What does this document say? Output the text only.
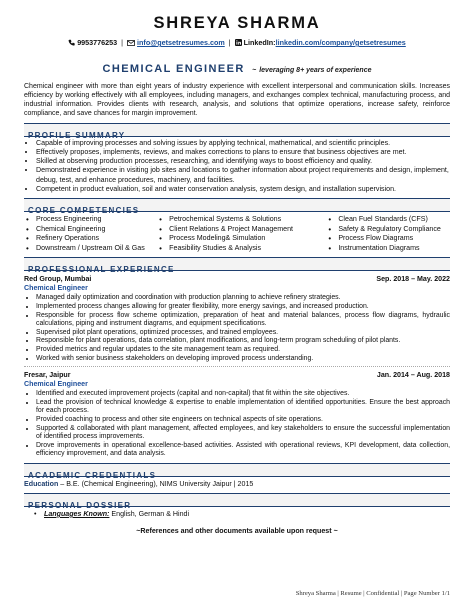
SHREYA SHARMA
9953776253 | info@getsetresumes.com | LinkedIn:linkedin.com/company/getsetresumes
CHEMICAL ENGINEER ~ leveraging 8+ years of experience
Chemical engineer with more than eight years of industry experience with excellent interpersonal and communication skills. Increases efficiency by working effectively with all employees, including managers, and exchanges complex technical, manufacturing process, and industrial information. Provides clients with research, analysis, and solutions that optimize operations, increase safety, reinforce compliance, and save chances for margin improvement.
PROFILE SUMMARY
• Capable of improving processes and solving issues by applying technical, mathematical, and scientific principles.
• Effectively proposes, implements, reviews, and makes corrections to plans to ensure that business objectives are met.
• Skilled at observing production processes, researching, and identifying ways to boost efficiency and quality.
• Demonstrated experience in visiting job sites and locations to gather information about project requirements and design, implement, debug, test, and enhance procedures, machinery, and facilities.
• Competent in product evaluation, soil and water conservation analysis, system design, and installation supervision.
CORE COMPETENCIES
• Process Engineering
• Chemical Engineering
• Refinery Operations
• Downstream / Upstream Oil & Gas
• Petrochemical Systems & Solutions
• Client Relations & Project Management
• Process Modeling& Simulation
• Feasibility Studies & Analysis
• Clean Fuel Standards (CFS)
• Safety & Regulatory Compliance
• Process Flow Diagrams
• Instrumentation Diagrams
PROFESSIONAL EXPERIENCE
Red Group, Mumbai	Sep. 2018 – May. 2022
Chemical Engineer
• Managed daily optimization and coordination with production planning to achieve refinery strategies.
• Implemented process changes allowing for greater flexibility, more energy savings, and increased production.
• Responsible for process flow scheme optimization, preparation of heat and material balances, process flow diagrams, hydraulic calculations, piping and instrument diagrams, and equipment specifications.
• Supervised pilot plant operations, optimized processes, and trained employees.
• Responsible for plant operations, data correlation, plant modifications, and long-term program scheduling of pilot plants.
• Provided metrics and regular updates to the site management team as required.
• Worked with senior business stakeholders on developing improved process understanding.
Fresar, Jaipur	Jan. 2014 – Aug. 2018
Chemical Engineer
• Identified and executed improvement projects (capital and non-capital) that fit within the site objectives.
• Lead the provision of technical knowledge & expertise to enable implementation of identified opportunities. Ensure the best approach for each process.
• Provided coaching to process and other site engineers on technical aspects of site operations.
• Supported & collaborated with plant management, affected employees, and key stakeholders to ensure the successful implementation of identified process improvements.
• Drove improvements in operational excellence-based activities. Assisted with operational reviews, KPI development, data collection, efficiency improvement, and data analysis.
ACADEMIC CREDENTIALS
Education – B.E. (Chemical Engineering), NIMS University Jaipur | 2015
PERSONAL DOSSIER
• Languages Known: English, German & Hindi
~References and other documents available upon request ~
Shreya Sharma | Resume | Confidential | Page Number 1/1
